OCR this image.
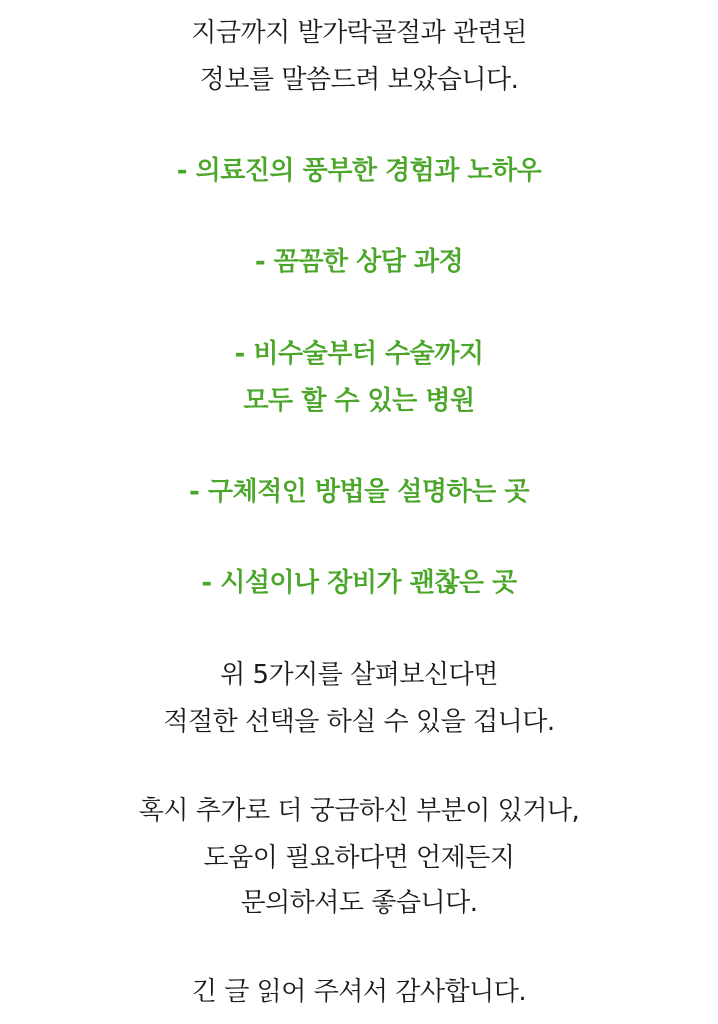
지금까지 발가락골절과 관련된
정보를 말씀드려 보았습니다.
- 의료진의 풍부한 경험과 노하우
- 꼼꼼한 상담 과정
- 비수술부터 수술까지
모두 할 수 있는 병원
- 구체적인 방법을 설명하는 곳
- 시설이나 장비가 괜찮은 곳
위 5가지를 살펴보신다면
적절한 선택을 하실 수 있을 겁니다.
혹시 추가로 더 궁금하신 부분이 있거나,
도움이 필요하다면 언제든지
문의하셔도 좋습니다.
긴 글 읽어 주셔서 감사합니다.
